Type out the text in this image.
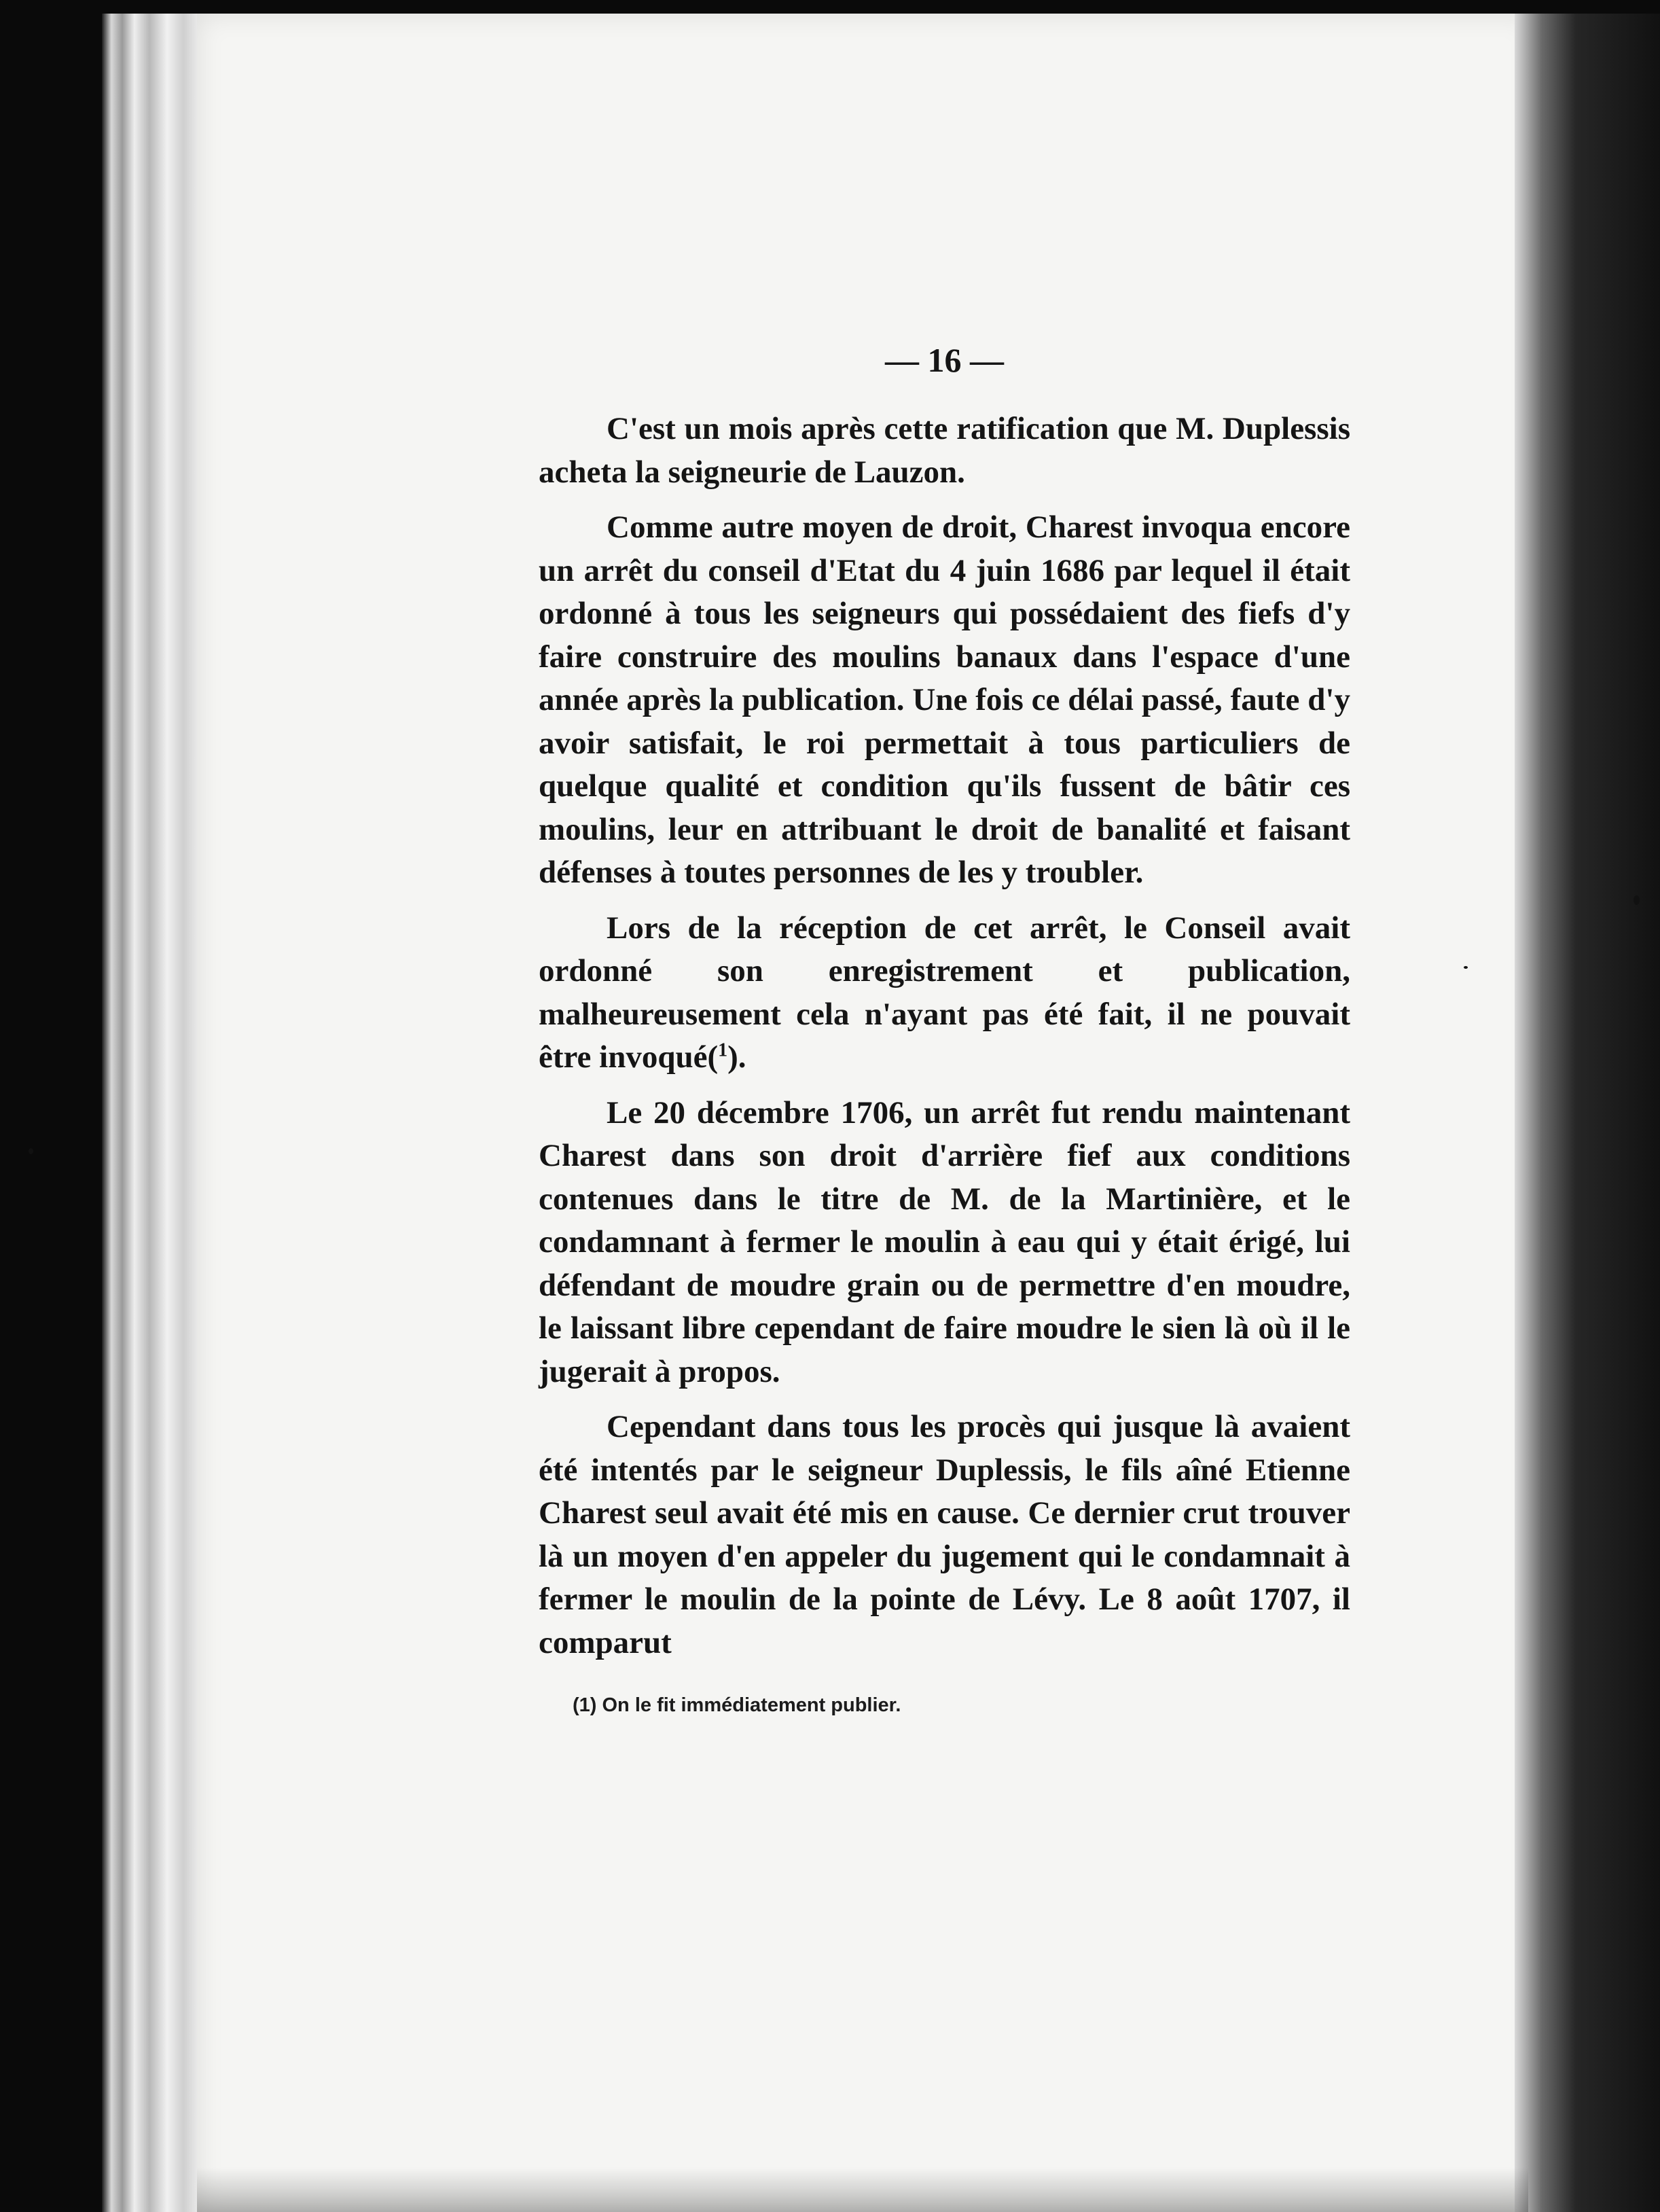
— 16 —

C'est un mois après cette ratification que M. Duplessis acheta la seigneurie de Lauzon.

Comme autre moyen de droit, Charest invoqua encore un arrêt du conseil d'Etat du 4 juin 1686 par lequel il était ordonné à tous les seigneurs qui possédaient des fiefs d'y faire construire des moulins banaux dans l'espace d'une année après la publication. Une fois ce délai passé, faute d'y avoir satisfait, le roi permettait à tous particuliers de quelque qualité et condition qu'ils fussent de bâtir ces moulins, leur en attribuant le droit de banalité et faisant défenses à toutes personnes de les y troubler.

Lors de la réception de cet arrêt, le Conseil avait ordonné son enregistrement et publication, malheureusement cela n'ayant pas été fait, il ne pouvait être invoqué($^1$).

Le 20 décembre 1706, un arrêt fut rendu maintenant Charest dans son droit d'arrière fief aux conditions contenues dans le titre de M. de la Martinière, et le condamnant à fermer le moulin à eau qui y était érigé, lui défendant de moudre grain ou de permettre d'en moudre, le laissant libre cependant de faire moudre le sien là où il le jugerait à propos.

Cependant dans tous les procès qui jusque là avaient été intentés par le seigneur Duplessis, le fils aîné Etienne Charest seul avait été mis en cause. Ce dernier crut trouver là un moyen d'en appeler du jugement qui le condamnait à fermer le moulin de la pointe de Lévy. Le 8 août 1707, il comparut

(1) On le fit immédiatement publier.
